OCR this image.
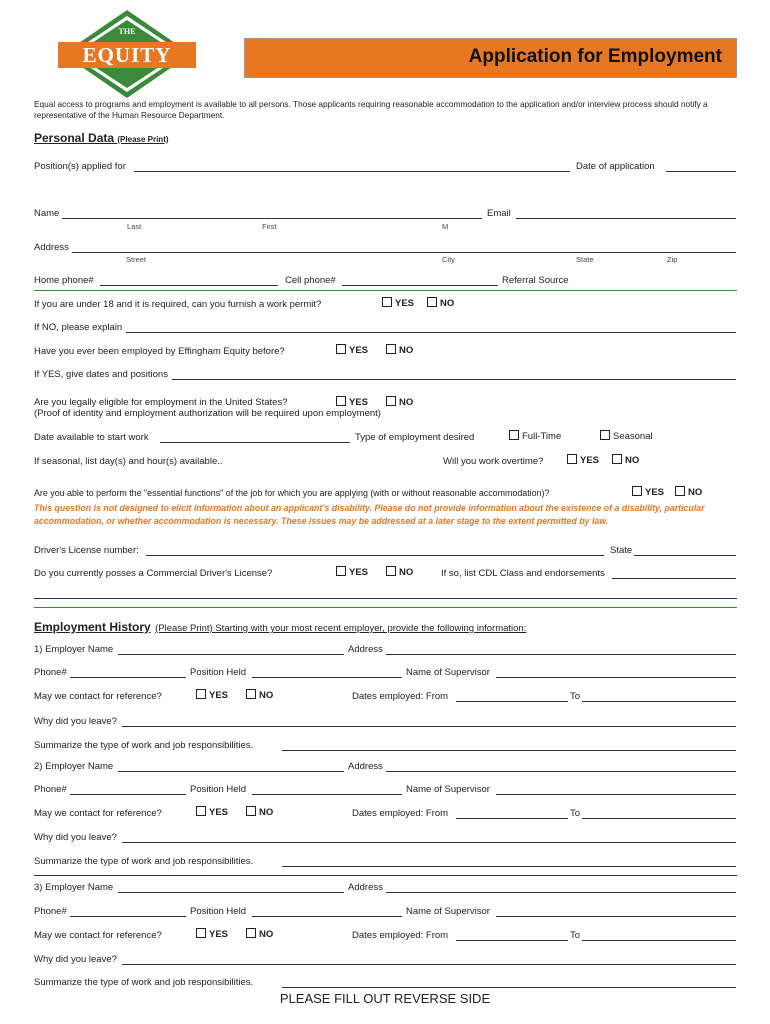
THE
EQUITY	Application for Employment
Equal access to programs and employment is available to all persons. Those applicants requiring reasonable accommodation to the application and/or interview process should notify a representative of the Human Resource Department.
Personal Data (Please Print)
Position(s) applied for	Date of application
Name	Email
Last	First	M
Address
Street	City	State	Zip
Home phone#	Cell phone#	Referral Source
If you are under 18 and it is required, can you furnish a work permit?	YES	NO
If NO, please explain
Have you ever been employed by Effingham Equity before?	YES	NO
If YES, give dates and positions
Are you legally eligible for employment in the United States?	YES	NO
(Proof of identity and employment authorization will be required upon employment)
Date available to start work	Type of employment desired	Full-Time	Seasonal
If seasonal, list day(s) and hour(s) available..	Will you work overtime?	YES	NO
Are you able to perform the "essential functions" of the job for which you are applying (with or without reasonable accommodation)?	YES	NO
This question is not designed to elicit information about an applicant's disability. Please do not provide information about the existence of a disability, particular accommodation, or whether accommodation is necessary. These issues may be addressed at a later stage to the extent permitted by law.
Driver's License number:	State
Do you currently posses a Commercial Driver's License?	YES	NO	If so, list CDL Class and endorsements
Employment History (Please Print) Starting with your most recent employer, provide the following information:
1) Employer Name	Address
Phone#	Position Held	Name of Supervisor
May we contact for reference?	YES	NO	Dates employed: From	To
Why did you leave?
Summarize the type of work and job responsibilities.
2) Employer Name	Address
Phone#	Position Held	Name of Supervisor
May we contact for reference?	YES	NO	Dates employed: From	To
Why did you leave?
Summarize the type of work and job responsibilities.
3) Employer Name	Address
Phone#	Position Held	Name of Supervisor
May we contact for reference?	YES	NO	Dates employed: From	To
Why did you leave?
Summarize the type of work and job responsibilities.
PLEASE FILL OUT REVERSE SIDE
